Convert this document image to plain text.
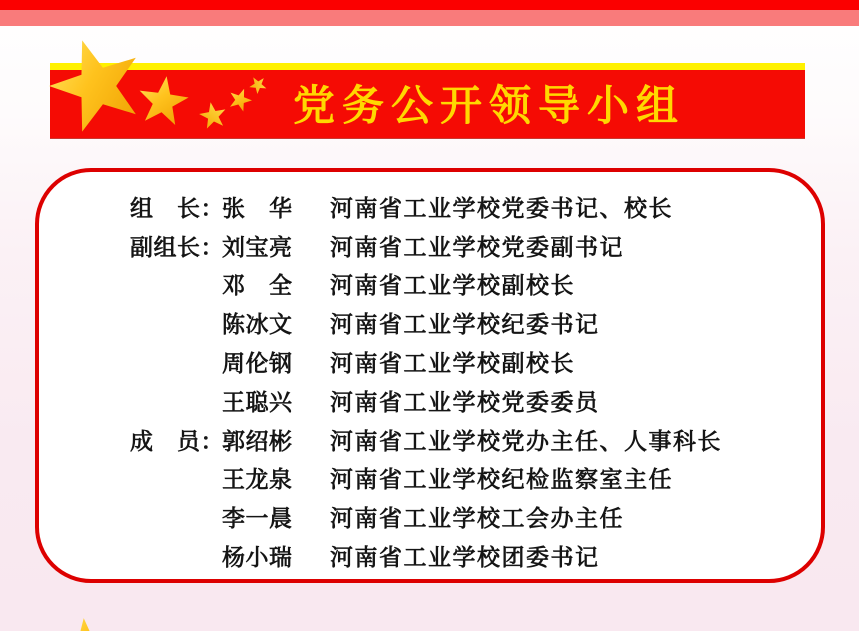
党务公开领导小组
组　长：
张　华	河南省工业学校党委书记、校长
副组长：
刘宝亮	河南省工业学校党委副书记
邓　全	河南省工业学校副校长
陈冰文	河南省工业学校纪委书记
周伦钢	河南省工业学校副校长
王聪兴	河南省工业学校党委委员
成　员：
郭绍彬	河南省工业学校党办主任、人事科长
王龙泉	河南省工业学校纪检监察室主任
李一晨	河南省工业学校工会办主任
杨小瑞	河南省工业学校团委书记
